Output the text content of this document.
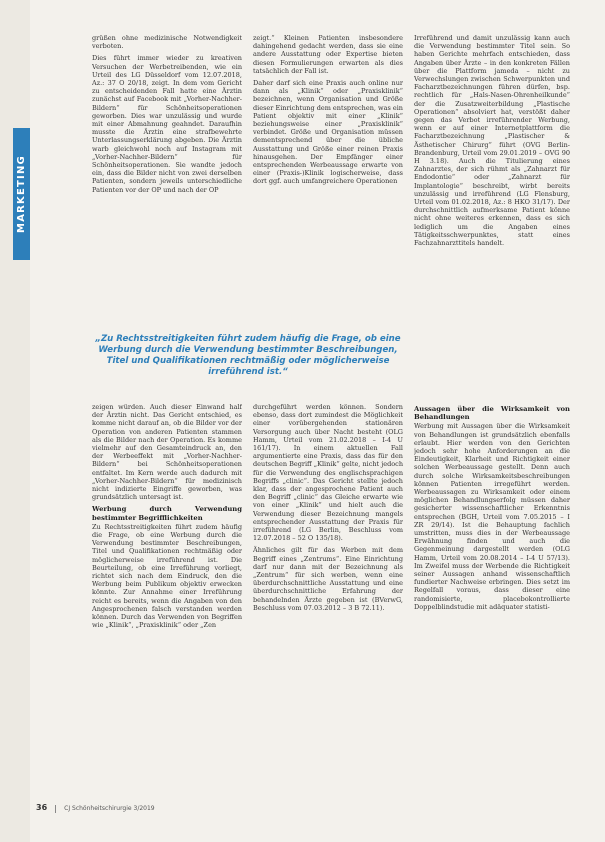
MARKETING

grüßen ohne medizinische Notwendigkeit verboten.

Dies führt immer wieder zu kreativen Versuchen der Werbetreibenden, wie ein Urteil des LG Düsseldorf vom 12.07.2018, Az.: 37 O 20/18, zeigt. In dem vom Gericht zu entscheidenden Fall hatte eine Ärztin zunächst auf Facebook mit „Vorher-Nachher-Bildern“ für Schönheitsoperationen geworben. Dies war unzulässig und wurde mit einer Abmahnung geahndet. Daraufhin musste die Ärztin eine strafbewehrte Unterlassungserklärung abgeben. Die Ärztin warb gleichwohl noch auf Instagram mit „Vorher-Nachher-Bildern“ für Schönheitsoperationen. Sie wandte jedoch ein, dass die Bilder nicht von zwei derselben Patienten, sondern jeweils unterschiedliche Patienten vor der OP und nach der OP

zeigt.“ Kleinen Patienten insbesondere dahingehend gedacht werden, dass sie eine andere Ausstattung oder Expertise bieten diesen Formulierungen erwarten als dies tatsächlich der Fall ist.

Daher darf sich eine Praxis auch online nur dann als „Klinik“ oder „Praxisklinik“ bezeichnen, wenn Organisation und Größe dieser Einrichtung dem entsprechen, was ein Patient objektiv mit einer „Klinik“ beziehungsweise einer „Praxisklinik“ verbindet. Größe und Organisation müssen dementsprechend über die übliche Ausstattung und Größe einer reinen Praxis hinausgehen. Der Empfänger einer entsprechenden Werbeaussage erwarte von einer (Praxis-)Klinik logischerweise, dass dort ggf. auch umfangreichere Operationen

Irreführend und damit unzulässig kann auch die Verwendung bestimmter Titel sein. So haben Gerichte mehrfach entschieden, dass Angaben über Ärzte – in den konkreten Fällen über die Plattform jameda – nicht zu Verwechslungen zwischen Schwerpunkten und Facharztbezeichnungen führen dürfen, bsp. rechtlich für „Hals-Nasen-Ohrenheilkunde“ der die Zusatzweiterbildung „Plastische Operationen“ absolviert hat, verstößt daher gegen das Verbot irreführender Werbung, wenn er auf einer Internetplattform die Facharztbezeichnung „Plastischer & Ästhetischer Chirurg“ führt (OVG Berlin-Brandenburg, Urteil vom 29.01.2019 – OVG 90 H 3.18). Auch die Titulierung eines Zahnarztes, der sich rühmt als „Zahnarzt für Endodontie“ oder „Zahnarzt für Implantologie“ beschreibt, wirbt bereits unzulässig und irreführend (LG Flensburg, Urteil vom 01.02.2018, Az.: 8 HKO 31/17). Der durchschnittlich aufmerksame Patient könne nicht ohne weiteres erkennen, dass es sich lediglich um die Angaben eines Tätigkeitsschwerpunktes, statt eines Fachzahnarzttitels handelt.

„Zu Rechtsstreitigkeiten führt zudem häufig die Frage, ob eine Werbung durch die Verwendung bestimmter Beschreibungen, Titel und Qualifikationen rechtmäßig oder möglicherweise irreführend ist.“

zeigen würden. Auch dieser Einwand half der Ärztin nicht. Das Gericht entschied, es komme nicht darauf an, ob die Bilder vor der Operation von anderen Patienten stammen als die Bilder nach der Operation. Es komme vielmehr auf den Gesamteindruck an, den der Werbeeffekt mit „Vorher-Nachher-Bildern“ bei Schönheitsoperationen entfaltet. Im Kern werde auch dadurch mit „Vorher-Nachher-Bildern“ für medizinisch nicht indizierte Eingriffe geworben, was grundsätzlich untersagt ist.

Werbung durch Verwendung bestimmter Begrifflichkeiten

Zu Rechtsstreitigkeiten führt zudem häufig die Frage, ob eine Werbung durch die Verwendung bestimmter Beschreibungen, Titel und Qualifikationen rechtmäßig oder möglicherweise irreführend ist. Die Beurteilung, ob eine Irreführung vorliegt, richtet sich nach dem Eindruck, den die Werbung beim Publikum objektiv erwecken könnte. Zur Annahme einer Irreführung reicht es bereits, wenn die Angaben von den Angesprochenen falsch verstanden werden können. Durch das Verwenden von Begriffen wie „Klinik“, „Praxisklinik“ oder „Zen

durchgeführt werden können. Sondern ebenso, dass dort zumindest die Möglichkeit einer vorübergehenden stationären Versorgung auch über Nacht besteht (OLG Hamm, Urteil vom 21.02.2018 – I-4 U 161/17). In einem aktuellen Fall argumentierte eine Praxis, dass das für den deutschen Begriff „Klinik“ gelte, nicht jedoch für die Verwendung des englischsprachigen Begriffs „clinic“. Das Gericht stellte jedoch klar, dass der angesprochene Patient auch den Begriff „clinic“ das Gleiche erwarte wie von einer „Klinik“ und hielt auch die Verwendung dieser Bezeichnung mangels entsprechender Ausstattung der Praxis für irreführend (LG Berlin, Beschluss vom 12.07.2018 – 52 O 135/18).

Ähnliches gilt für das Werben mit dem Begriff eines „Zentrums“. Eine Einrichtung darf nur dann mit der Bezeichnung als „Zentrum“ für sich werben, wenn eine überdurchschnittliche Ausstattung und eine überdurchschnittliche Erfahrung der behandelnden Ärzte gegeben ist (BVerwG, Beschluss vom 07.03.2012 – 3 B 72.11).

Aussagen über die Wirksamkeit von Behandlungen

Werbung mit Aussagen über die Wirksamkeit von Behandlungen ist grundsätzlich ebenfalls erlaubt. Hier werden von den Gerichten jedoch sehr hohe Anforderungen an die Eindeutigkeit, Klarheit und Richtigkeit einer solchen Werbeaussage gestellt. Denn auch durch solche Wirksamkeitsbeschreibungen können Patienten irregeführt werden. Werbeaussagen zu Wirksamkeit oder einem möglichen Behandlungserfolg müssen daher gesicherter wissenschaftlicher Erkenntnis entsprechen (BGH, Urteil vom 7.05.2015 – I ZR 29/14). Ist die Behauptung fachlich umstritten, muss dies in der Werbeaussage Erwähnung finden und auch die Gegenmeinung dargestellt werden (OLG Hamm, Urteil vom 20.08.2014 – I-4 U 57/13). Im Zweifel muss der Werbende die Richtigkeit seiner Aussagen anhand wissenschaftlich fundierter Nachweise erbringen. Dies setzt im Regelfall voraus, dass dieser eine randomisierte, placebokontrollierte Doppelblindstudie mit adäquater statisti-

36	CJ Schönheitschirurgie 3/2019
